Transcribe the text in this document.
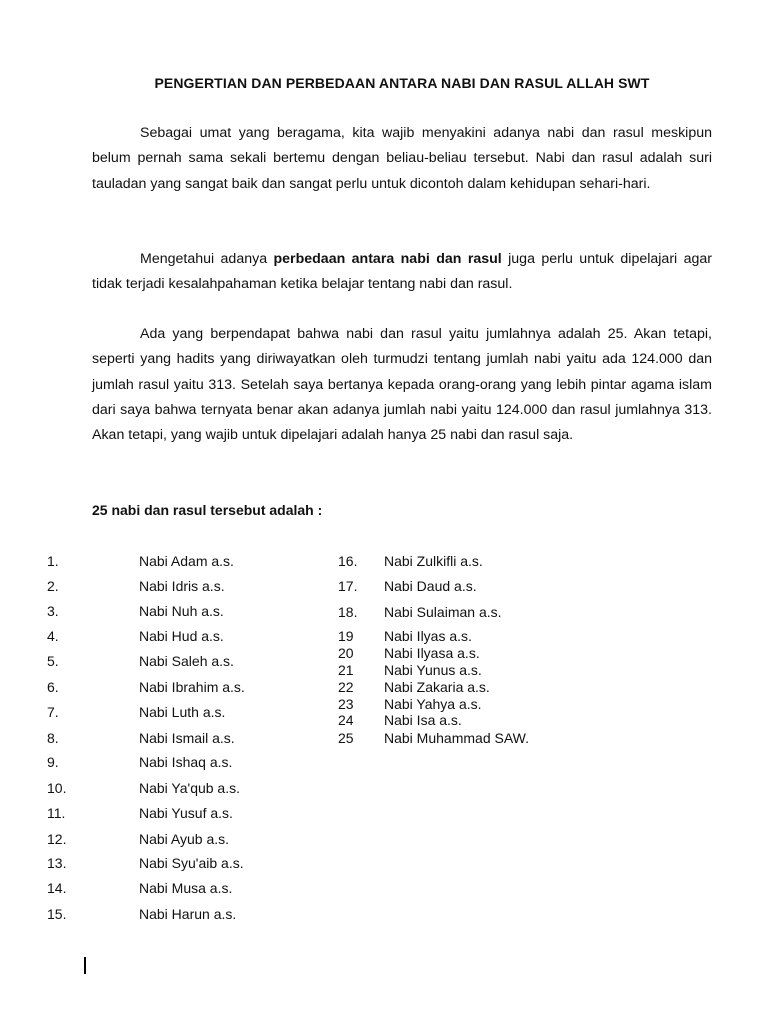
PENGERTIAN DAN PERBEDAAN ANTARA NABI DAN RASUL ALLAH SWT

Sebagai umat yang beragama, kita wajib menyakini adanya nabi dan rasul meskipun belum pernah sama sekali bertemu dengan beliau-beliau tersebut. Nabi dan rasul adalah suri tauladan yang sangat baik dan sangat perlu untuk dicontoh dalam kehidupan sehari-hari.

Mengetahui adanya perbedaan antara nabi dan rasul juga perlu untuk dipelajari agar tidak terjadi kesalahpahaman ketika belajar tentang nabi dan rasul.

Ada yang berpendapat bahwa nabi dan rasul yaitu jumlahnya adalah 25. Akan tetapi, seperti yang hadits yang diriwayatkan oleh turmudzi tentang jumlah nabi yaitu ada 124.000 dan jumlah rasul yaitu 313. Setelah saya bertanya kepada orang-orang yang lebih pintar agama islam dari saya bahwa ternyata benar akan adanya jumlah nabi yaitu 124.000 dan rasul jumlahnya 313. Akan tetapi, yang wajib untuk dipelajari adalah hanya 25 nabi dan rasul saja.

25 nabi dan rasul tersebut adalah :
1.	Nabi Adam a.s.
2.	Nabi Idris a.s.
3.	Nabi Nuh a.s.
4.	Nabi Hud a.s.
5.	Nabi Saleh a.s.
6.	Nabi Ibrahim a.s.
7.	Nabi Luth a.s.
8.	Nabi Ismail a.s.
9.	Nabi Ishaq a.s.
10.	Nabi Ya'qub a.s.
11.	Nabi Yusuf a.s.
12.	Nabi Ayub a.s.
13.	Nabi Syu'aib a.s.
14.	Nabi Musa a.s.
15.	Nabi Harun a.s.
16. Nabi Zulkifli a.s.
17. Nabi Daud a.s.
18. Nabi Sulaiman a.s.
19 Nabi Ilyas a.s.
20 Nabi Ilyasa a.s.
21 Nabi Yunus a.s.
22 Nabi Zakaria a.s.
23 Nabi Yahya a.s.
24 Nabi Isa a.s.
25 Nabi Muhammad SAW.
